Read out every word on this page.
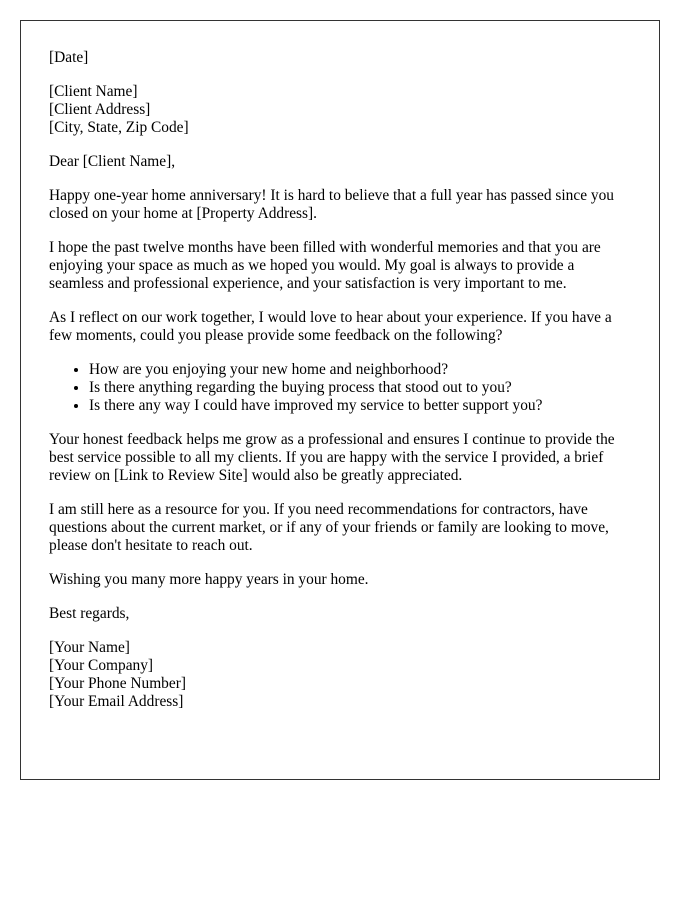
[Date]

[Client Name]
[Client Address]
[City, State, Zip Code]

Dear [Client Name],

Happy one-year home anniversary! It is hard to believe that a full year has passed since you closed on your home at [Property Address].

I hope the past twelve months have been filled with wonderful memories and that you are enjoying your space as much as we hoped you would. My goal is always to provide a seamless and professional experience, and your satisfaction is very important to me.

As I reflect on our work together, I would love to hear about your experience. If you have a few moments, could you please provide some feedback on the following?

• How are you enjoying your new home and neighborhood?
• Is there anything regarding the buying process that stood out to you?
• Is there any way I could have improved my service to better support you?

Your honest feedback helps me grow as a professional and ensures I continue to provide the best service possible to all my clients. If you are happy with the service I provided, a brief review on [Link to Review Site] would also be greatly appreciated.

I am still here as a resource for you. If you need recommendations for contractors, have questions about the current market, or if any of your friends or family are looking to move, please don't hesitate to reach out.

Wishing you many more happy years in your home.

Best regards,

[Your Name]
[Your Company]
[Your Phone Number]
[Your Email Address]
